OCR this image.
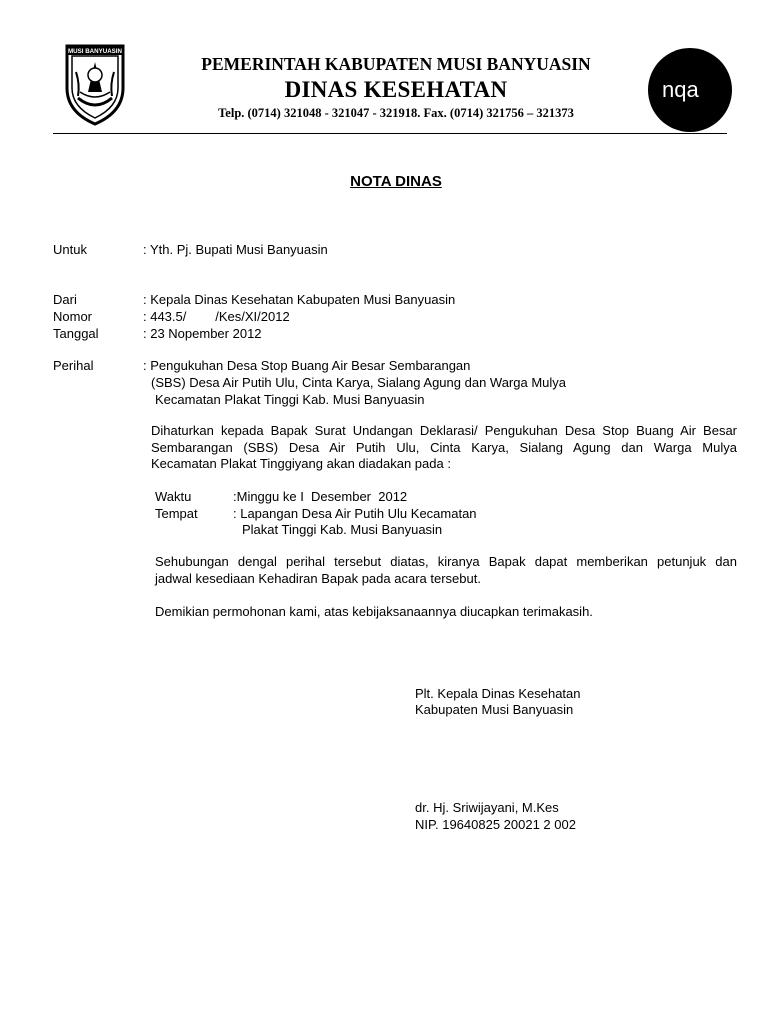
MUSI BANYUASIN
PEMERINTAH KABUPATEN MUSI BANYUASIN
DINAS KESEHATAN
Telp. (0714) 321048 - 321047 - 321918. Fax. (0714) 321756 – 321373
nqa
NOTA DINAS
Untuk	: Yth. Pj. Bupati Musi Banyuasin
Dari	: Kepala Dinas Kesehatan Kabupaten Musi Banyuasin
Nomor	: 443.5/        /Kes/XI/2012
Tanggal	: 23 Nopember 2012
Perihal	: Pengukuhan Desa Stop Buang Air Besar Sembarangan
(SBS) Desa Air Putih Ulu, Cinta Karya, Sialang Agung dan Warga Mulya
Kecamatan Plakat Tinggi Kab. Musi Banyuasin
Dihaturkan kepada Bapak Surat Undangan Deklarasi/ Pengukuhan Desa Stop Buang Air Besar
Sembarangan (SBS) Desa Air Putih Ulu, Cinta Karya, Sialang Agung dan Warga Mulya
Kecamatan Plakat Tinggiyang akan diadakan pada :
Waktu	:Minggu ke I  Desember  2012
Tempat	: Lapangan Desa Air Putih Ulu Kecamatan
Plakat Tinggi Kab. Musi Banyuasin
Sehubungan dengal perihal tersebut diatas, kiranya Bapak dapat memberikan petunjuk dan
jadwal kesediaan Kehadiran Bapak pada acara tersebut.
Demikian permohonan kami, atas kebijaksanaannya diucapkan terimakasih.
Plt. Kepala Dinas Kesehatan
Kabupaten Musi Banyuasin
dr. Hj. Sriwijayani, M.Kes
NIP. 19640825 20021 2 002
